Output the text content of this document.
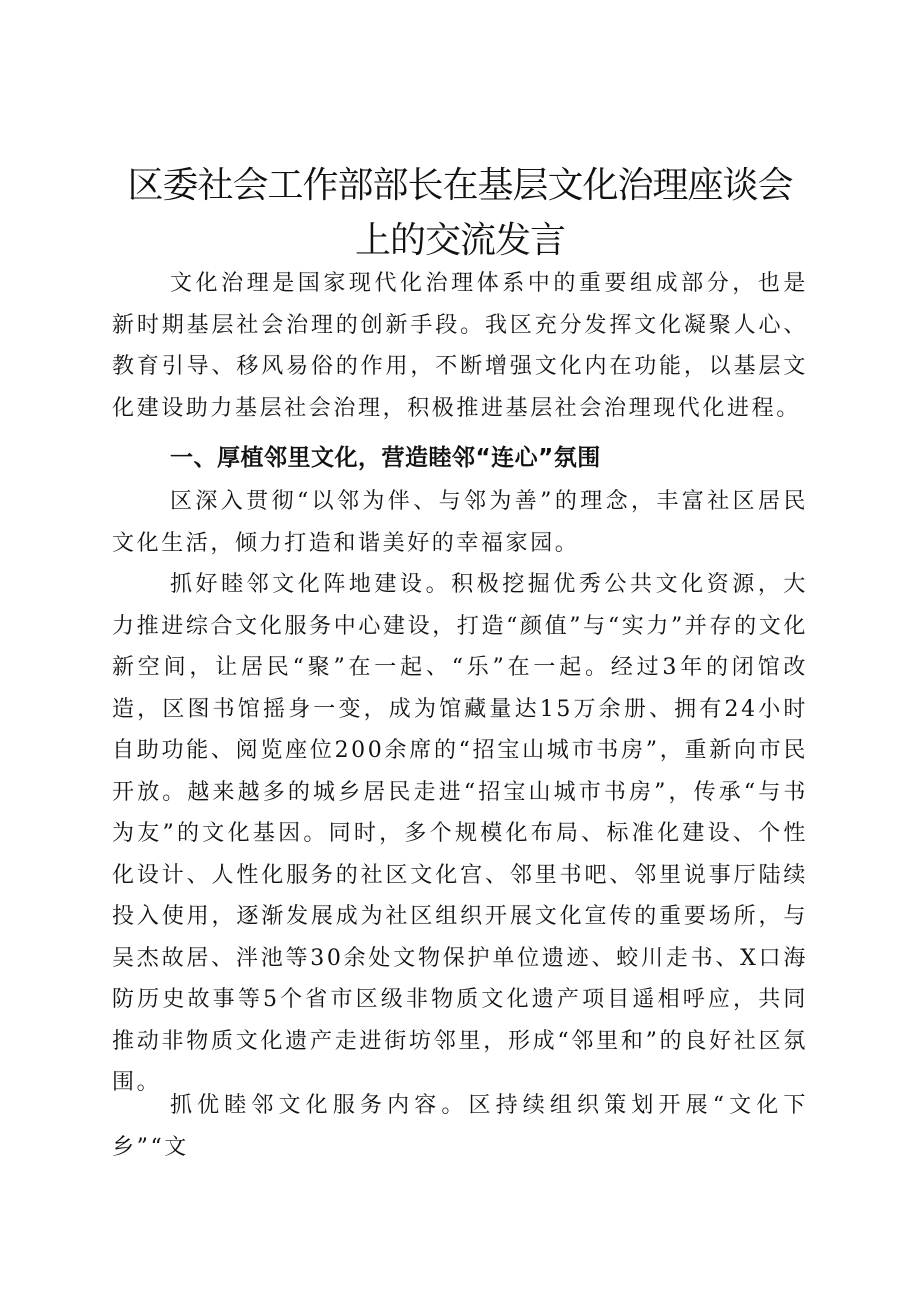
区委社会工作部部长在基层文化治理座谈会上的交流发言

文化治理是国家现代化治理体系中的重要组成部分，也是新时期基层社会治理的创新手段。我区充分发挥文化凝聚人心、教育引导、移风易俗的作用，不断增强文化内在功能，以基层文化建设助力基层社会治理，积极推进基层社会治理现代化进程。

一、厚植邻里文化，营造睦邻“连心”氛围

区深入贯彻“以邻为伴、与邻为善”的理念，丰富社区居民文化生活，倾力打造和谐美好的幸福家园。

抓好睦邻文化阵地建设。积极挖掘优秀公共文化资源，大力推进综合文化服务中心建设，打造“颜值”与“实力”并存的文化新空间，让居民“聚”在一起、“乐”在一起。经过3年的闭馆改造，区图书馆摇身一变，成为馆藏量达15万余册、拥有24小时自助功能、阅览座位200余席的“招宝山城市书房”，重新向市民开放。越来越多的城乡居民走进“招宝山城市书房”，传承“与书为友”的文化基因。同时，多个规模化布局、标准化建设、个性化设计、人性化服务的社区文化宫、邻里书吧、邻里说事厅陆续投入使用，逐渐发展成为社区组织开展文化宣传的重要场所，与吴杰故居、泮池等30余处文物保护单位遗迹、蛟川走书、X口海防历史故事等5个省市区级非物质文化遗产项目遥相呼应，共同推动非物质文化遗产走进街坊邻里，形成“邻里和”的良好社区氛围。

抓优睦邻文化服务内容。区持续组织策划开展“文化下乡”“文
